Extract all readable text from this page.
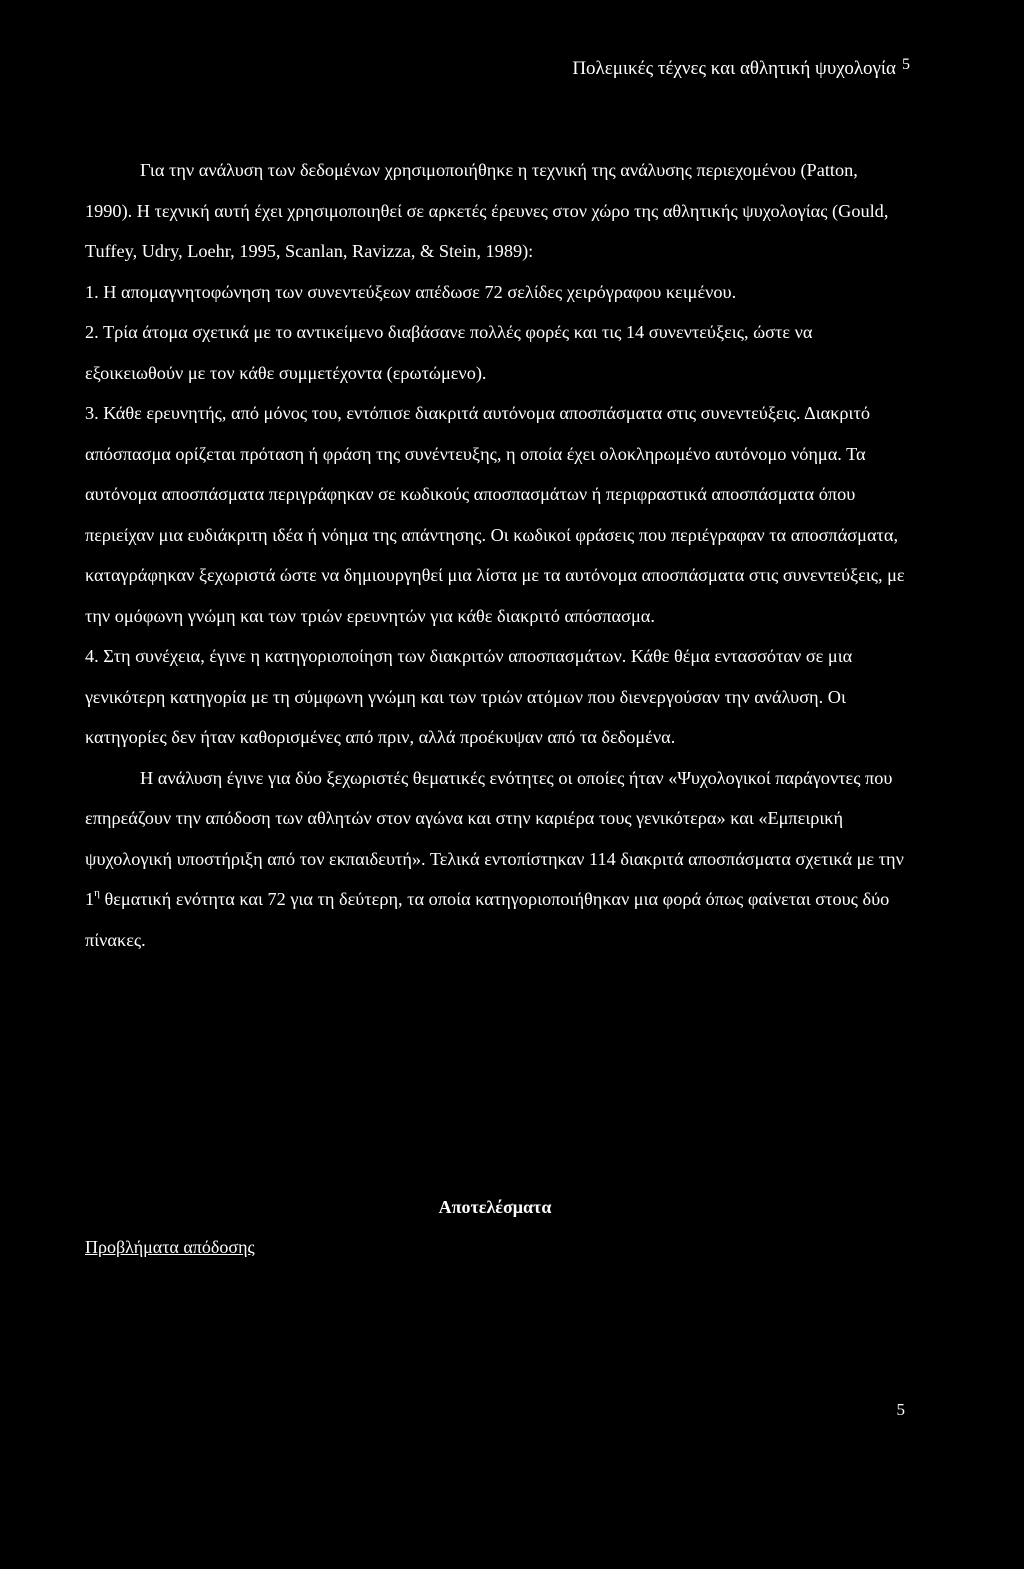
Πολεμικές τέχνες και αθλητική ψυχολογία $^5$

Για την ανάλυση των δεδομένων χρησιμοποιήθηκε η τεχνική της ανάλυσης περιεχομένου (Patton, 1990). Η τεχνική αυτή έχει χρησιμοποιηθεί σε αρκετές έρευνες στον χώρο της αθλητικής ψυχολογίας (Gould, Tuffey, Udry, Loehr, 1995, Scanlan, Ravizza, & Stein, 1989):

1. Η απομαγνητοφώνηση των συνεντεύξεων απέδωσε 72 σελίδες χειρόγραφου κειμένου.

2. Τρία άτομα σχετικά με το αντικείμενο διαβάσανε πολλές φορές και τις 14 συνεντεύξεις, ώστε να εξοικειωθούν με τον κάθε συμμετέχοντα (ερωτώμενο).

3. Κάθε ερευνητής, από μόνος του, εντόπισε διακριτά αυτόνομα αποσπάσματα στις συνεντεύξεις. Διακριτό απόσπασμα ορίζεται πρόταση ή φράση της συνέντευξης, η οποία έχει ολοκληρωμένο αυτόνομο νόημα. Τα αυτόνομα αποσπάσματα περιγράφηκαν σε κωδικούς αποσπασμάτων ή περιφραστικά αποσπάσματα όπου περιείχαν μια ευδιάκριτη ιδέα ή νόημα της απάντησης. Οι κωδικοί φράσεις που περιέγραφαν τα αποσπάσματα, καταγράφηκαν ξεχωριστά ώστε να δημιουργηθεί μια λίστα με τα αυτόνομα αποσπάσματα στις συνεντεύξεις, με την ομόφωνη γνώμη και των τριών ερευνητών για κάθε διακριτό απόσπασμα.

4. Στη συνέχεια, έγινε η κατηγοριοποίηση των διακριτών αποσπασμάτων. Κάθε θέμα εντασσόταν σε μια γενικότερη κατηγορία με τη σύμφωνη γνώμη και των τριών ατόμων που διενεργούσαν την ανάλυση. Οι κατηγορίες δεν ήταν καθορισμένες από πριν, αλλά προέκυψαν από τα δεδομένα.

Η ανάλυση έγινε για δύο ξεχωριστές θεματικές ενότητες οι οποίες ήταν «Ψυχολογικοί παράγοντες που επηρεάζουν την απόδοση των αθλητών στον αγώνα και στην καριέρα τους γενικότερα» και «Εμπειρική ψυχολογική υποστήριξη από τον εκπαιδευτή». Τελικά εντοπίστηκαν 114 διακριτά αποσπάσματα σχετικά με την $1^\eta$ θεματική ενότητα και 72 για τη δεύτερη, τα οποία κατηγοριοποιήθηκαν μια φορά όπως φαίνεται στους δύο πίνακες.

Αποτελέσματα
Προβλήματα απόδοσης
5
